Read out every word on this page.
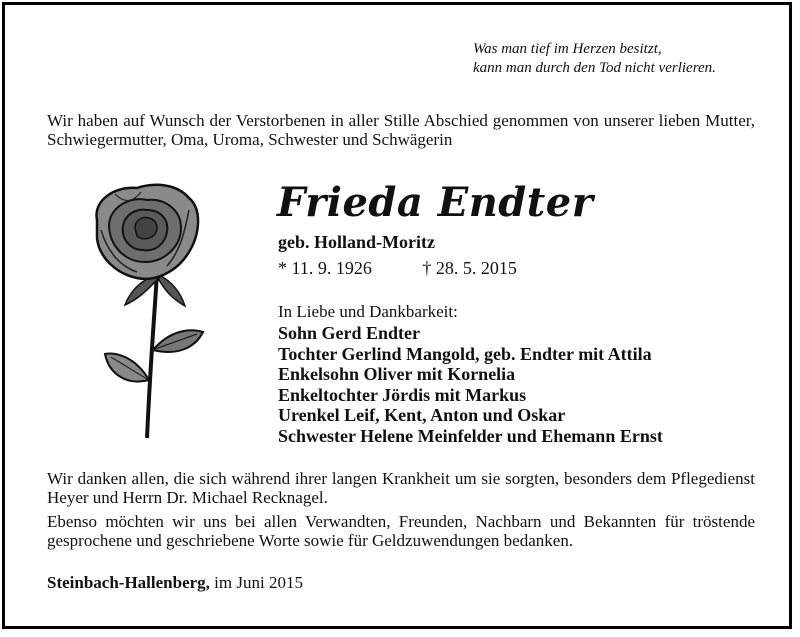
Was man tief im Herzen besitzt,
kann man durch den Tod nicht verlieren.
Wir haben auf Wunsch der Verstorbenen in aller Stille Abschied genommen von unserer lieben Mutter, Schwiegermutter, Oma, Uroma, Schwester und Schwägerin
Frieda Endter
geb. Holland-Moritz
* 11. 9. 1926	† 28. 5. 2015
In Liebe und Dankbarkeit:
Sohn Gerd Endter
Tochter Gerlind Mangold, geb. Endter mit Attila
Enkelsohn Oliver mit Kornelia
Enkeltochter Jördis mit Markus
Urenkel Leif, Kent, Anton und Oskar
Schwester Helene Meinfelder und Ehemann Ernst
Wir danken allen, die sich während ihrer langen Krankheit um sie sorgten, besonders dem Pflegedienst Heyer und Herrn Dr. Michael Recknagel.
Ebenso möchten wir uns bei allen Verwandten, Freunden, Nachbarn und Bekannten für tröstende gesprochene und geschriebene Worte sowie für Geldzuwendungen bedanken.
Steinbach-Hallenberg, im Juni 2015
